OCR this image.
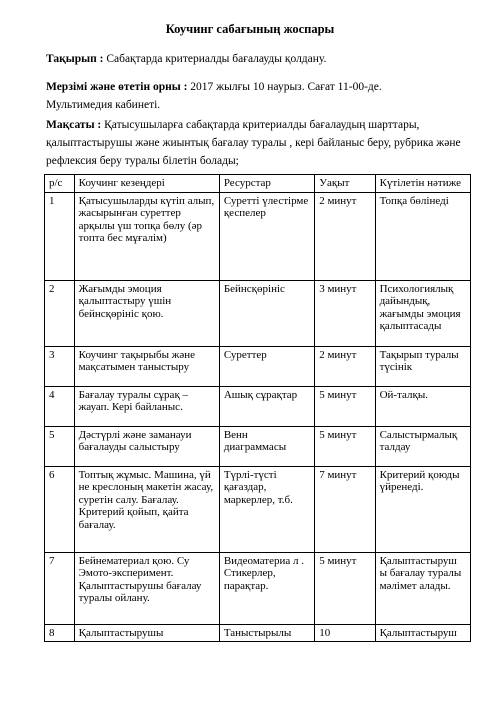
Коучинг сабағының жоспары
Тақырып : Сабақтарда критериалды бағалауды қолдану.
Мерзімі және өтетін орны : 2017 жылғы 10 наурыз. Сағат 11-00-де.
Мультимедия кабинеті.
Мақсаты : Қатысушыларға сабақтарда критериалды бағалаудың шарттары, қалыптастырушы және жиынтық бағалау туралы , кері байланыс беру, рубрика және рефлексия беру туралы білетін болады;
р/с	Коучинг кезеңдері	Ресурстар	Уақыт	Күтілетін нәтиже
1	Қатысушыларды күтіп алып, жасырынған суреттер арқылы үш топқа бөлу (әр топта бес мұғалім)	Суретті үлестірме қеспелер	2 минут	Топқа бөлінеді
2	Жағымды эмоция қалыптастыру үшін бейнсқөрініс қою.	Бейнсқөрініс	3 минут	Психологиялық дайындық, жағымды эмоция қалыптасады
3	Коучинг тақырыбы және мақсатымен таныстыру	Суреттер	2 минут	Тақырып туралы түсінік
4	Бағалау туралы сұрақ – жауап. Кері байланыс.	Ашық сұрақтар	5 минут	Ой-талқы.
5	Дәстүрлі және заманауи бағалауды салыстыру	Венн диаграммасы	5 минут	Салыстырмалық талдау
6	Топтық жұмыс. Машина, үй не креслоның макетін жасау, суретін салу. Бағалау. Критерий қойып, қайта бағалау.	Түрлі-түсті қағаздар, маркерлер, т.б.	7 минут	Критерий қоюды үйренеді.
7	Бейнематериал қою. Су Эмото-эксперимент. Қалыптастырушы бағалау туралы ойлану.	Видеоматериа л . Стикерлер, парақтар.	5 минут	Қалыптастыруш ы бағалау туралы мәлімет алады.
8	Қалыптастырушы	Таныстырылы	10	Қалыптастыруш
